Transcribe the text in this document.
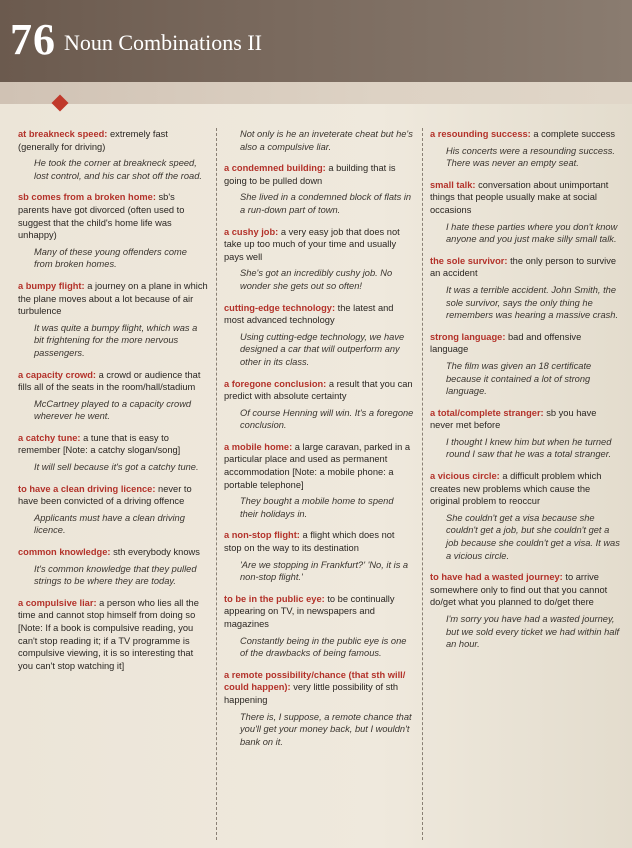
76 Noun Combinations II
at breakneck speed: extremely fast (generally for driving)
He took the corner at breakneck speed, lost control, and his car shot off the road.
sb comes from a broken home: sb's parents have got divorced (often used to suggest that the child's home life was unhappy)
Many of these young offenders come from broken homes.
a bumpy flight: a journey on a plane in which the plane moves about a lot because of air turbulence
It was quite a bumpy flight, which was a bit frightening for the more nervous passengers.
a capacity crowd: a crowd or audience that fills all of the seats in the room/hall/stadium
McCartney played to a capacity crowd wherever he went.
a catchy tune: a tune that is easy to remember [Note: a catchy slogan/song]
It will sell because it's got a catchy tune.
to have a clean driving licence: never to have been convicted of a driving offence
Applicants must have a clean driving licence.
common knowledge: sth everybody knows
It's common knowledge that they pulled strings to be where they are today.
a compulsive liar: a person who lies all the time and cannot stop himself from doing so [Note: If a book is compulsive reading, you can't stop reading it; if a TV programme is compulsive viewing, it is so interesting that you can't stop watching it]
Not only is he an inveterate cheat but he's also a compulsive liar.
a condemned building: a building that is going to be pulled down
She lived in a condemned block of flats in a run-down part of town.
a cushy job: a very easy job that does not take up too much of your time and usually pays well
She's got an incredibly cushy job. No wonder she gets out so often!
cutting-edge technology: the latest and most advanced technology
Using cutting-edge technology, we have designed a car that will outperform any other in its class.
a foregone conclusion: a result that you can predict with absolute certainty
Of course Henning will win. It's a foregone conclusion.
a mobile home: a large caravan, parked in a particular place and used as permanent accommodation [Note: a mobile phone: a portable telephone]
They bought a mobile home to spend their holidays in.
a non-stop flight: a flight which does not stop on the way to its destination
'Are we stopping in Frankfurt?' 'No, it is a non-stop flight.'
to be in the public eye: to be continually appearing on TV, in newspapers and magazines
Constantly being in the public eye is one of the drawbacks of being famous.
a remote possibility/chance (that sth will/ could happen): very little possibility of sth happening
There is, I suppose, a remote chance that you'll get your money back, but I wouldn't bank on it.
a resounding success: a complete success
His concerts were a resounding success. There was never an empty seat.
small talk: conversation about unimportant things that people usually make at social occasions
I hate these parties where you don't know anyone and you just make silly small talk.
the sole survivor: the only person to survive an accident
It was a terrible accident. John Smith, the sole survivor, says the only thing he remembers was hearing a massive crash.
strong language: bad and offensive language
The film was given an 18 certificate because it contained a lot of strong language.
a total/complete stranger: sb you have never met before
I thought I knew him but when he turned round I saw that he was a total stranger.
a vicious circle: a difficult problem which creates new problems which cause the original problem to reoccur
She couldn't get a visa because she couldn't get a job, but she couldn't get a job because she couldn't get a visa. It was a vicious circle.
to have had a wasted journey: to arrive somewhere only to find out that you cannot do/get what you planned to do/get there
I'm sorry you have had a wasted journey, but we sold every ticket we had within half an hour.
